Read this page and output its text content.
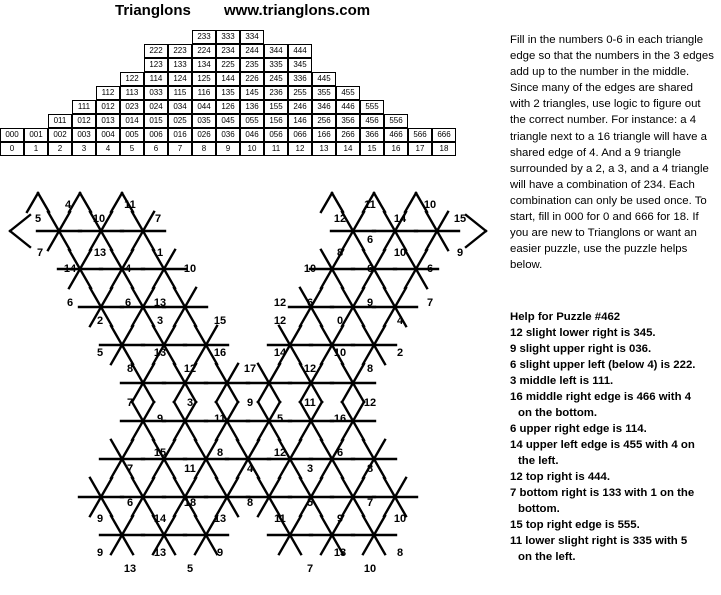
Trianglons www.trianglons.com
233	333	334
222	223	224	234	244	344	444
123	133	134	225	235	335	345
122	114	124	125	144	226	245	336	445
112	113	033	115	116	135	145	236	255	355	455
111	012	023	024	034	044	126	136	155	246	346	446	555
011	012	013	014	015	025	035	045	055	156	146	256	356	456	556
000	001	002	003	004	005	006	016	026	036	046	056	066	166	266	366	466	566	666
0	1	2	3	4	5	6	7	8	9	10	11	12	13	14	15	16	17	18
Fill in the numbers 0-6 in each triangle edge so that the numbers in the 3 edges add up to the number in the middle. Since many of the edges are shared with 2 triangles, use logic to figure out the correct number. For instance: a 4 triangle next to a 16 triangle will have a shared edge of 4. And a 9 triangle surrounded by a 2, a 3, and a 4 triangle will have a combination of 234. Each combination can only be used once. To start, fill in 000 for 0 and 666 for 18. If you are new to Trianglons or want an easier puzzle, use the puzzle helps below.
Help for Puzzle #462
12 slight lower right is 345.
9 slight upper right is 036.
6 slight upper left (below 4) is 222.
3 middle left is 111.
16 middle right edge is 466 with 4
on the bottom.
6 upper right edge is 114.
14 upper left edge is 455 with 4 on
the left.
12 top right is 444.
7 bottom right is 133 with 1 on the
bottom.
15 top right edge is 555.
11 lower slight right is 335 with 5
on the left.
4	11
5	10	7	12
11
14
10
15
7	13	1	8
6
10	9
14	4	10	10	6	6
6	6 13	12 6	9	7
2	3	15	12	0	4
5	13	16	14	10	2
8	12	17	12	8
7	3	9	11	12
9	11	5	16
15	8	12	6
7	11	4	3	8
6	18	8	5	7
9	14	13	11	9	10
9	13	9	13	8
13	5	7	10
